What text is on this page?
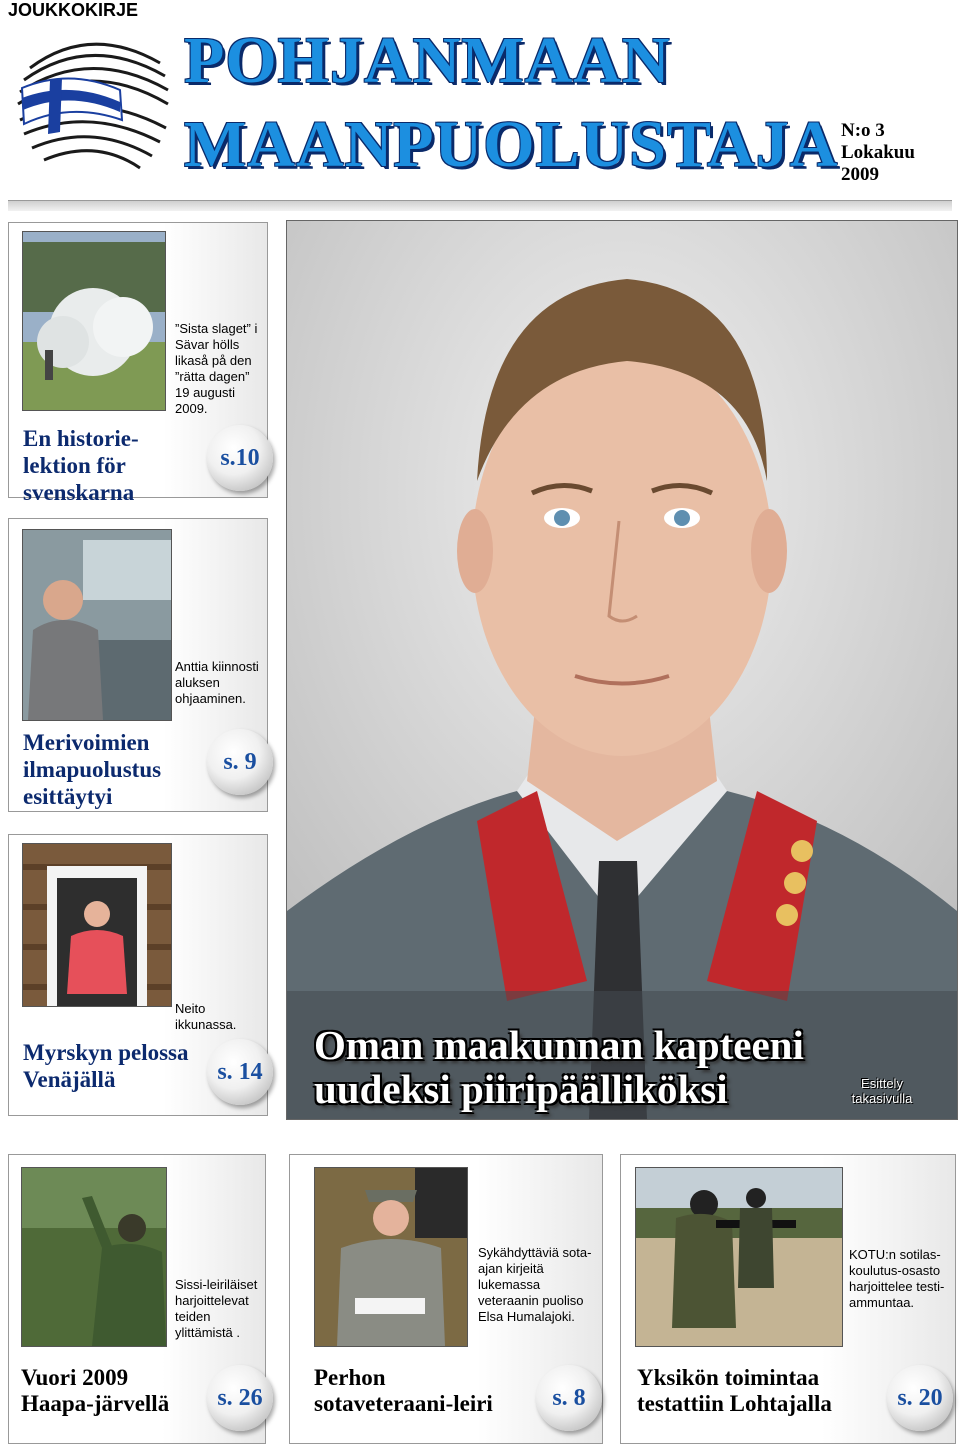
JOUKKOKIRJE
POHJANMAAN
MAANPUOLUSTAJA N:o 3
Lokakuu
2009
”Sista slaget” i Sävar hölls likaså på den ”rätta dagen” 19 augusti 2009.
En historie-lektion för svenskarna
s.10
Anttia kiinnosti aluksen ohjaaminen.
Merivoimien ilmapuolustus esittäytyi
s. 9
Neito ikkunassa.
Myrskyn pelossa Venäjällä	s. 14
Oman maakunnan kapteeni
uudeksi piiripäälliköksi	Esittely
takasivulla
Sissi-leiriläiset harjoittelevat teiden ylittämistä .
Vuori 2009 Haapa-järvellä	s. 26
Sykähdyttäviä sota-ajan kirjeitä lukemassa veteraanin puoliso Elsa Humalajoki.
Perhon sotaveteraani-leiri	s. 8
KOTU:n sotilas-koulutus-osasto harjoittelee testi-ammuntaa.
Yksikön toimintaa testattiin Lohtajalla	s. 20
